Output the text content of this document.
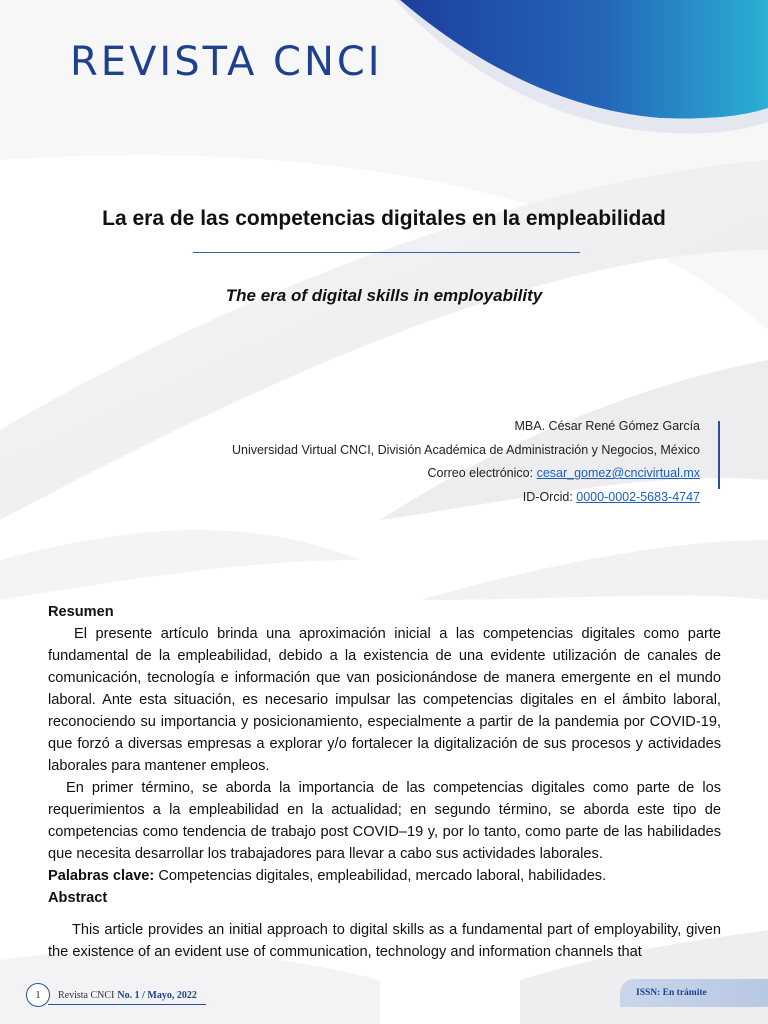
REVISTA CNCI
La era de las competencias digitales en la empleabilidad
The era of digital skills in employability
MBA. César René Gómez García
Universidad Virtual CNCI, División Académica de Administración y Negocios, México
Correo electrónico: cesar_gomez@cncivirtual.mx
ID-Orcid: 0000-0002-5683-4747

Resumen

El presente artículo brinda una aproximación inicial a las competencias digitales como parte fundamental de la empleabilidad, debido a la existencia de una evidente utilización de canales de comunicación, tecnología e información que van posicionándose de manera emergente en el mundo laboral. Ante esta situación, es necesario impulsar las competencias digitales en el ámbito laboral, reconociendo su importancia y posicionamiento, especialmente a partir de la pandemia por COVID-19, que forzó a diversas empresas a explorar y/o fortalecer la digitalización de sus procesos y actividades laborales para mantener empleos.

En primer término, se aborda la importancia de las competencias digitales como parte de los requerimientos a la empleabilidad en la actualidad; en segundo término, se aborda este tipo de competencias como tendencia de trabajo post COVID–19 y, por lo tanto, como parte de las habilidades que necesita desarrollar los trabajadores para llevar a cabo sus actividades laborales.

Palabras clave: Competencias digitales, empleabilidad, mercado laboral, habilidades.

Abstract

This article provides an initial approach to digital skills as a fundamental part of employability, given the existence of an evident use of communication, technology and information channels that

1	Revista CNCI No. 1 / Mayo, 2022	ISSN: En trámite
